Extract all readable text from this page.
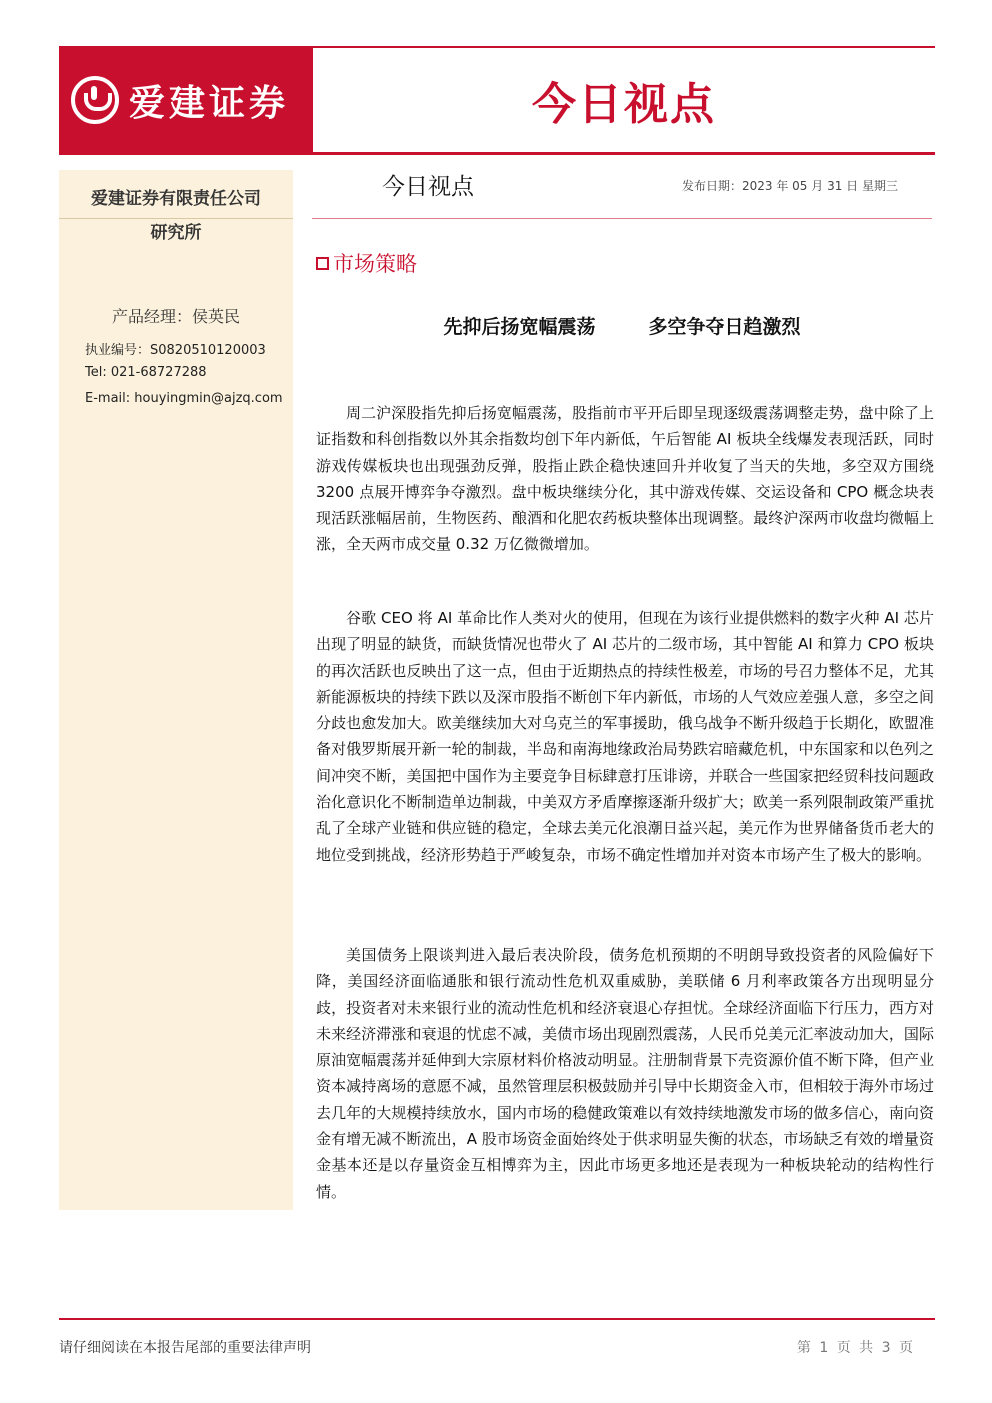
爱建证券	今日视点
爱建证券有限责任公司
研究所
产品经理：侯英民
执业编号：S0820510120003
Tel: 021-68727288
E-mail: houyingmin@ajzq.com
今日视点	发布日期：2023 年 05 月 31 日 星期三
市场策略
先抑后扬宽幅震荡        多空争夺日趋激烈

周二沪深股指先抑后扬宽幅震荡，股指前市平开后即呈现逐级震荡调整走势，盘中除了上证指数和科创指数以外其余指数均创下年内新低，午后智能 AI 板块全线爆发表现活跃，同时游戏传媒板块也出现强劲反弹，股指止跌企稳快速回升并收复了当天的失地，多空双方围绕 3200 点展开博弈争夺激烈。盘中板块继续分化，其中游戏传媒、交运设备和 CPO 概念块表现活跃涨幅居前，生物医药、酿酒和化肥农药板块整体出现调整。最终沪深两市收盘均微幅上涨，全天两市成交量 0.32 万亿微微增加。

谷歌 CEO 将 AI 革命比作人类对火的使用，但现在为该行业提供燃料的数字火种 AI 芯片出现了明显的缺货，而缺货情况也带火了 AI 芯片的二级市场，其中智能 AI 和算力 CPO 板块的再次活跃也反映出了这一点，但由于近期热点的持续性极差，市场的号召力整体不足，尤其新能源板块的持续下跌以及深市股指不断创下年内新低，市场的人气效应差强人意，多空之间分歧也愈发加大。欧美继续加大对乌克兰的军事援助，俄乌战争不断升级趋于长期化，欧盟准备对俄罗斯展开新一轮的制裁，半岛和南海地缘政治局势跌宕暗藏危机，中东国家和以色列之间冲突不断，美国把中国作为主要竞争目标肆意打压诽谤，并联合一些国家把经贸科技问题政治化意识化不断制造单边制裁，中美双方矛盾摩擦逐渐升级扩大；欧美一系列限制政策严重扰乱了全球产业链和供应链的稳定，全球去美元化浪潮日益兴起，美元作为世界储备货币老大的地位受到挑战，经济形势趋于严峻复杂，市场不确定性增加并对资本市场产生了极大的影响。

美国债务上限谈判进入最后表决阶段，债务危机预期的不明朗导致投资者的风险偏好下降，美国经济面临通胀和银行流动性危机双重威胁，美联储 6 月利率政策各方出现明显分歧，投资者对未来银行业的流动性危机和经济衰退心存担忧。全球经济面临下行压力，西方对未来经济滞涨和衰退的忧虑不减，美债市场出现剧烈震荡，人民币兑美元汇率波动加大，国际原油宽幅震荡并延伸到大宗原材料价格波动明显。注册制背景下壳资源价值不断下降，但产业资本减持离场的意愿不减，虽然管理层积极鼓励并引导中长期资金入市，但相较于海外市场过去几年的大规模持续放水，国内市场的稳健政策难以有效持续地激发市场的做多信心，南向资金有增无减不断流出，A 股市场资金面始终处于供求明显失衡的状态，市场缺乏有效的增量资金基本还是以存量资金互相博弈为主，因此市场更多地还是表现为一种板块轮动的结构性行情。

请仔细阅读在本报告尾部的重要法律声明	第 1 页 共 3 页
